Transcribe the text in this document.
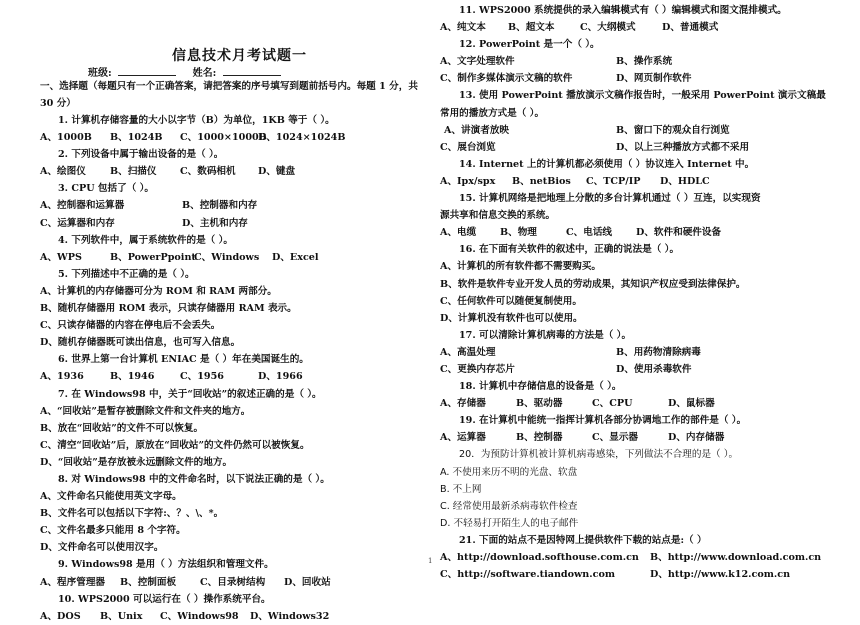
信息技术月考试题一
班级:	姓名:
一、选择题（每题只有一个正确答案，请把答案的序号填写到题前括号内。每题 1 分，共 30 分）
1. 计算机存储容量的大小以字节（B）为单位，1KB 等于（ ）。
A、1000B	B、1024B	C、1000×1000B
D、1024×1024B
2. 下列设备中属于输出设备的是（ ）。
A、绘图仪	B、扫描仪	C、数码相机	D、键盘
3. CPU 包括了（ ）。
A、控制器和运算器	B、控制器和内存
C、运算器和内存	D、主机和内存
4. 下列软件中，属于系统软件的是（ ）。
A、WPS	B、PowerPpoint
C、Windows	D、Excel
5. 下列描述中不正确的是（ ）。
A、计算机的内存储器可分为 ROM 和 RAM 两部分。
B、随机存储器用 ROM 表示，只读存储器用 RAM 表示。
C、只读存储器的内容在停电后不会丢失。
D、随机存储器既可读出信息，也可写入信息。
6. 世界上第一台计算机 ENIAC 是（ ）年在美国诞生的。
A、1936	B、1946	C、1956	D、1966
7. 在 Windows98 中，关于“回收站”的叙述正确的是（ ）。
A、“回收站”是暂存被删除文件和文件夹的地方。
B、放在“回收站”的文件不可以恢复。
C、清空“回收站”后，原放在“回收站”的文件仍然可以被恢复。
D、“回收站”是存放被永远删除文件的地方。
8. 对 Windows98 中的文件命名时，以下说法正确的是（ ）。
A、文件命名只能使用英文字母。
B、文件名可以包括以下字符:、？、\、*。
C、文件名最多只能用 8 个字符。
D、文件命名可以使用汉字。
9. Windows98 是用（ ）方法组织和管理文件。
A、程序管理器	B、控制面板	C、目录树结构	D、回收站
10. WPS2000 可以运行在（ ）操作系统平台。
A、DOS	B、Unix	C、Windows98	D、Windows32
11. WPS2000 系统提供的录入编辑模式有（ ）编辑模式和图文混排模式。
A、纯文本	B、超文本	C、大纲模式	D、普通模式
12. PowerPoint 是一个（ ）。
A、文字处理软件	B、操作系统
C、制作多媒体演示文稿的软件	D、网页制作软件
13. 使用 PowerPoint 播放演示文稿作报告时，一般采用 PowerPoint 演示文稿最
常用的播放方式是（ ）。
A、讲演者放映	B、窗口下的观众自行浏览
C、展台浏览	D、以上三种播放方式都不采用
14. Internet 上的计算机都必须使用（ ）协议连入 Internet 中。
A、Ipx/spx	B、netBios	C、TCP/IP	D、HDLC
15. 计算机网络是把地理上分散的多台计算机通过（ ）互连，以实现资
源共享和信息交换的系统。
A、电缆	B、物理	C、电话线	D、软件和硬件设备
16. 在下面有关软件的叙述中，正确的说法是（ ）。
A、计算机的所有软件都不需要购买。
B、软件是软件专业开发人员的劳动成果，其知识产权应受到法律保护。
C、任何软件可以随便复制使用。
D、计算机没有软件也可以使用。
17. 可以清除计算机病毒的方法是（ ）。
A、高温处理	B、用药物清除病毒
C、更换内存芯片	D、使用杀毒软件
18. 计算机中存储信息的设备是（ ）。
A、存储器	B、驱动器	C、CPU	D、鼠标器
19. 在计算机中能统一指挥计算机各部分协调地工作的部件是（ ）。
A、运算器	B、控制器	C、显示器	D、内存储器
20．为预防计算机被计算机病毒感染，下列做法不合理的是（ ）。
A. 不使用来历不明的光盘、软盘
B. 不上网
C. 经常使用最新杀病毒软件检查
D. 不轻易打开陌生人的电子邮件
21. 下面的站点不是因特网上提供软件下载的站点是:（ ）
A、http://download.softhouse.com.cn	B、http://www.download.com.cn
C、http://software.tiandown.com	D、http://www.k12.com.cn
1
